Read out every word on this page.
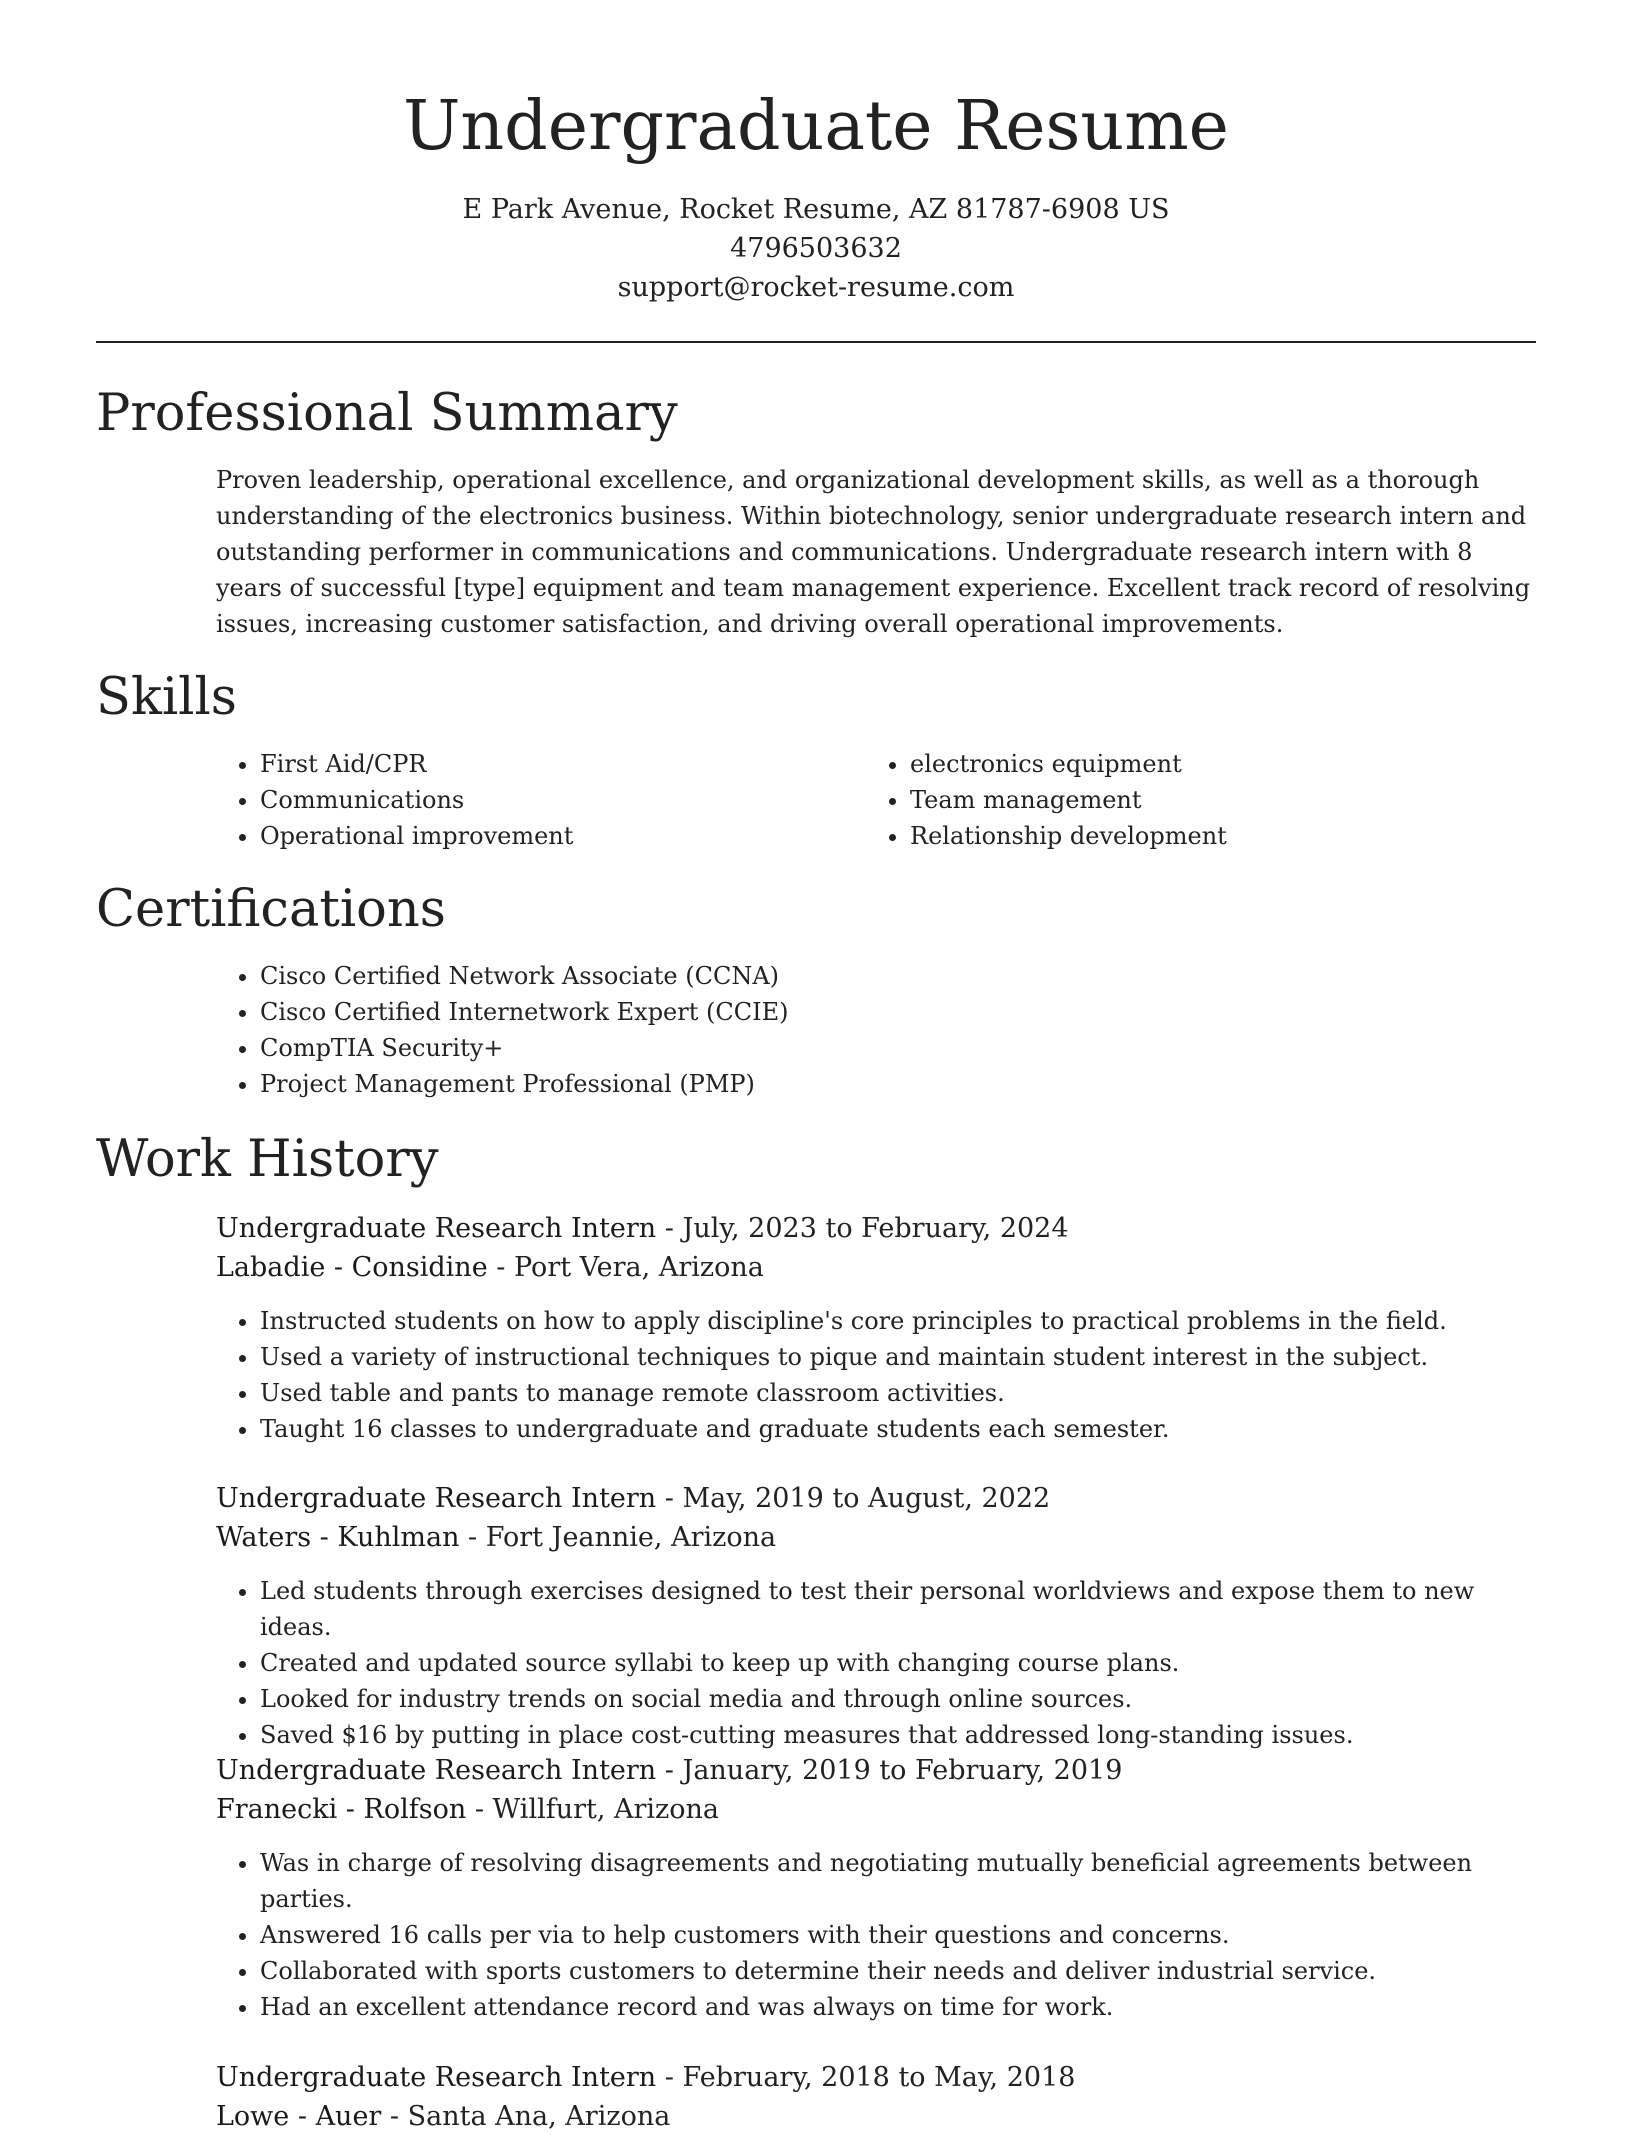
Undergraduate Resume
E Park Avenue, Rocket Resume, AZ 81787-6908 US
4796503632
support@rocket-resume.com
Professional Summary

Proven leadership, operational excellence, and organizational development skills, as well as a thorough understanding of the electronics business. Within biotechnology, senior undergraduate research intern and outstanding performer in communications and communications. Undergraduate research intern with 8 years of successful [type] equipment and team management experience. Excellent track record of resolving issues, increasing customer satisfaction, and driving overall operational improvements.

Skills
• First Aid/CPR
• Communications
• Operational improvement
• electronics equipment
• Team management
• Relationship development
Certifications
• Cisco Certified Network Associate (CCNA)
• Cisco Certified Internetwork Expert (CCIE)
• CompTIA Security+
• Project Management Professional (PMP)
Work History

Undergraduate Research Intern - July, 2023 to February, 2024

Labadie - Considine - Port Vera, Arizona

• Instructed students on how to apply discipline's core principles to practical problems in the field.
• Used a variety of instructional techniques to pique and maintain student interest in the subject.
• Used table and pants to manage remote classroom activities.
• Taught 16 classes to undergraduate and graduate students each semester.

Undergraduate Research Intern - May, 2019 to August, 2022

Waters - Kuhlman - Fort Jeannie, Arizona

• Led students through exercises designed to test their personal worldviews and expose them to new ideas.
• Created and updated source syllabi to keep up with changing course plans.
• Looked for industry trends on social media and through online sources.
• Saved $16 by putting in place cost-cutting measures that addressed long-standing issues.

Undergraduate Research Intern - January, 2019 to February, 2019

Franecki - Rolfson - Willfurt, Arizona

• Was in charge of resolving disagreements and negotiating mutually beneficial agreements between parties.
• Answered 16 calls per via to help customers with their questions and concerns.
• Collaborated with sports customers to determine their needs and deliver industrial service.
• Had an excellent attendance record and was always on time for work.

Undergraduate Research Intern - February, 2018 to May, 2018

Lowe - Auer - Santa Ana, Arizona
